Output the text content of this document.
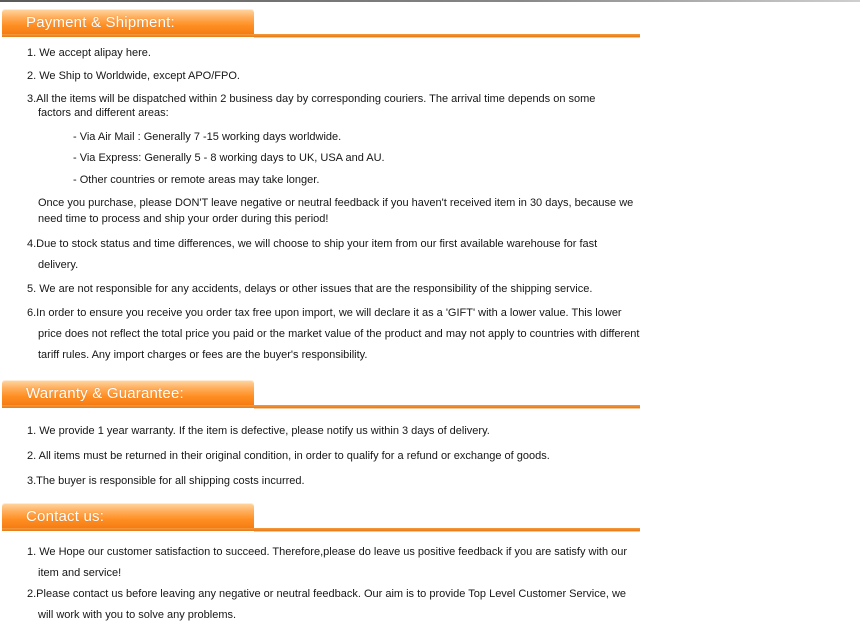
Payment & Shipment:
1. We accept alipay here.
2. We Ship to Worldwide, except APO/FPO.
3.All the items will be dispatched within 2 business day by corresponding couriers. The arrival time depends on some
factors and different areas:
- Via Air Mail : Generally 7 -15 working days worldwide.
- Via Express: Generally 5 - 8 working days to UK, USA and AU.
- Other countries or remote areas may take longer.
Once you purchase, please DON'T leave negative or neutral feedback if you haven't received item in 30 days, because we
need time to process and ship your order during this period!
4.Due to stock status and time differences, we will choose to ship your item from our first available warehouse for fast
delivery.
5. We are not responsible for any accidents, delays or other issues that are the responsibility of the shipping service.
6.In order to ensure you receive you order tax free upon import, we will declare it as a 'GIFT' with a lower value. This lower
price does not reflect the total price you paid or the market value of the product and may not apply to countries with different
tariff rules. Any import charges or fees are the buyer's responsibility.
Warranty & Guarantee:
1. We provide 1 year warranty. If the item is defective, please notify us within 3 days of delivery.
2. All items must be returned in their original condition, in order to qualify for a refund or exchange of goods.
3.The buyer is responsible for all shipping costs incurred.
Contact us:
1. We Hope our customer satisfaction to succeed. Therefore,please do leave us positive feedback if you are satisfy with our
item and service!
2.Please contact us before leaving any negative or neutral feedback. Our aim is to provide Top Level Customer Service, we
will work with you to solve any problems.
